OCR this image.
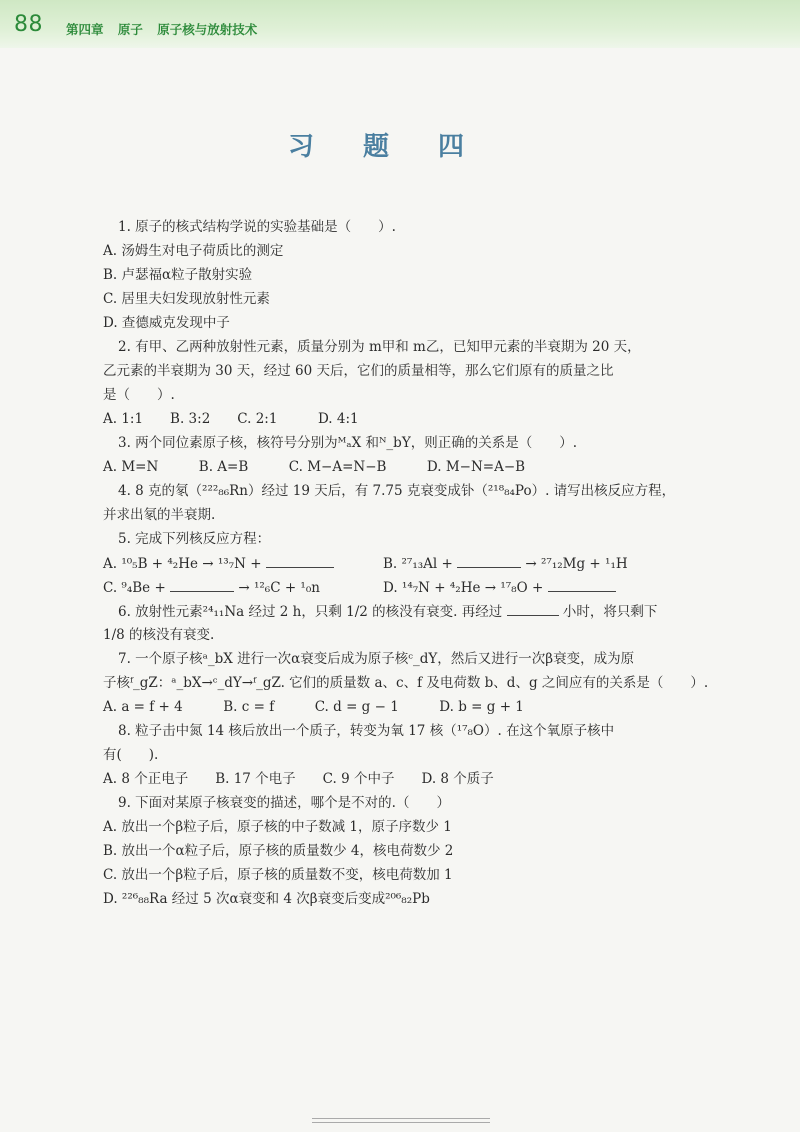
88 第四章 原子 原子核与放射技术
习 题 四
1. 原子的核式结构学说的实验基础是（　　）.
A. 汤姆生对电子荷质比的测定
B. 卢瑟福α粒子散射实验
C. 居里夫妇发现放射性元素
D. 查德威克发现中子
2. 有甲、乙两种放射性元素，质量分别为 m甲和 m乙，已知甲元素的半衰期为 20 天，
乙元素的半衰期为 30 天，经过 60 天后，它们的质量相等，那么它们原有的质量之比
是（　　）.
A. 1:1　　B. 3:2　　C. 2:1　　　D. 4:1
3. 两个同位素原子核，核符号分别为ᴹₐX 和ᴺ_bY，则正确的关系是（　　）.
A. M=N　　　B. A=B　　　C. M−A=N−B　　　D. M−N=A−B
4. 8 克的氡（²²²₈₆Rn）经过 19 天后，有 7.75 克衰变成钋（²¹⁸₈₄Po）. 请写出核反应方程，
并求出氡的半衰期.
5. 完成下列核反应方程：
A. ¹⁰₅B + ⁴₂He → ¹³₇N +	B. ²⁷₁₃Al +	→ ²⁷₁₂Mg + ¹₁H
C. ⁹₄Be +	→ ¹²₆C + ¹₀n	D. ¹⁴₇N + ⁴₂He → ¹⁷₈O +
6. 放射性元素²⁴₁₁Na 经过 2 h，只剩 1/2 的核没有衰变. 再经过	小时，将只剩下
1/8 的核没有衰变.
7. 一个原子核ᵃ_bX 进行一次α衰变后成为原子核ᶜ_dY，然后又进行一次β衰变，成为原
子核ᶠ_gZ：ᵃ_bX→ᶜ_dY→ᶠ_gZ. 它们的质量数 a、c、f 及电荷数 b、d、g 之间应有的关系是（　　）.
A. a = f + 4　　　B. c = f　　　C. d = g − 1　　　D. b = g + 1
8. 粒子击中氮 14 核后放出一个质子，转变为氧 17 核（¹⁷₈O）. 在这个氧原子核中
有(　　).
A. 8 个正电子　　B. 17 个电子　　C. 9 个中子　　D. 8 个质子
9. 下面对某原子核衰变的描述，哪个是不对的.（　　）
A. 放出一个β粒子后，原子核的中子数减 1，原子序数少 1
B. 放出一个α粒子后，原子核的质量数少 4，核电荷数少 2
C. 放出一个β粒子后，原子核的质量数不变，核电荷数加 1
D. ²²⁶₈₈Ra 经过 5 次α衰变和 4 次β衰变后变成²⁰⁶₈₂Pb
